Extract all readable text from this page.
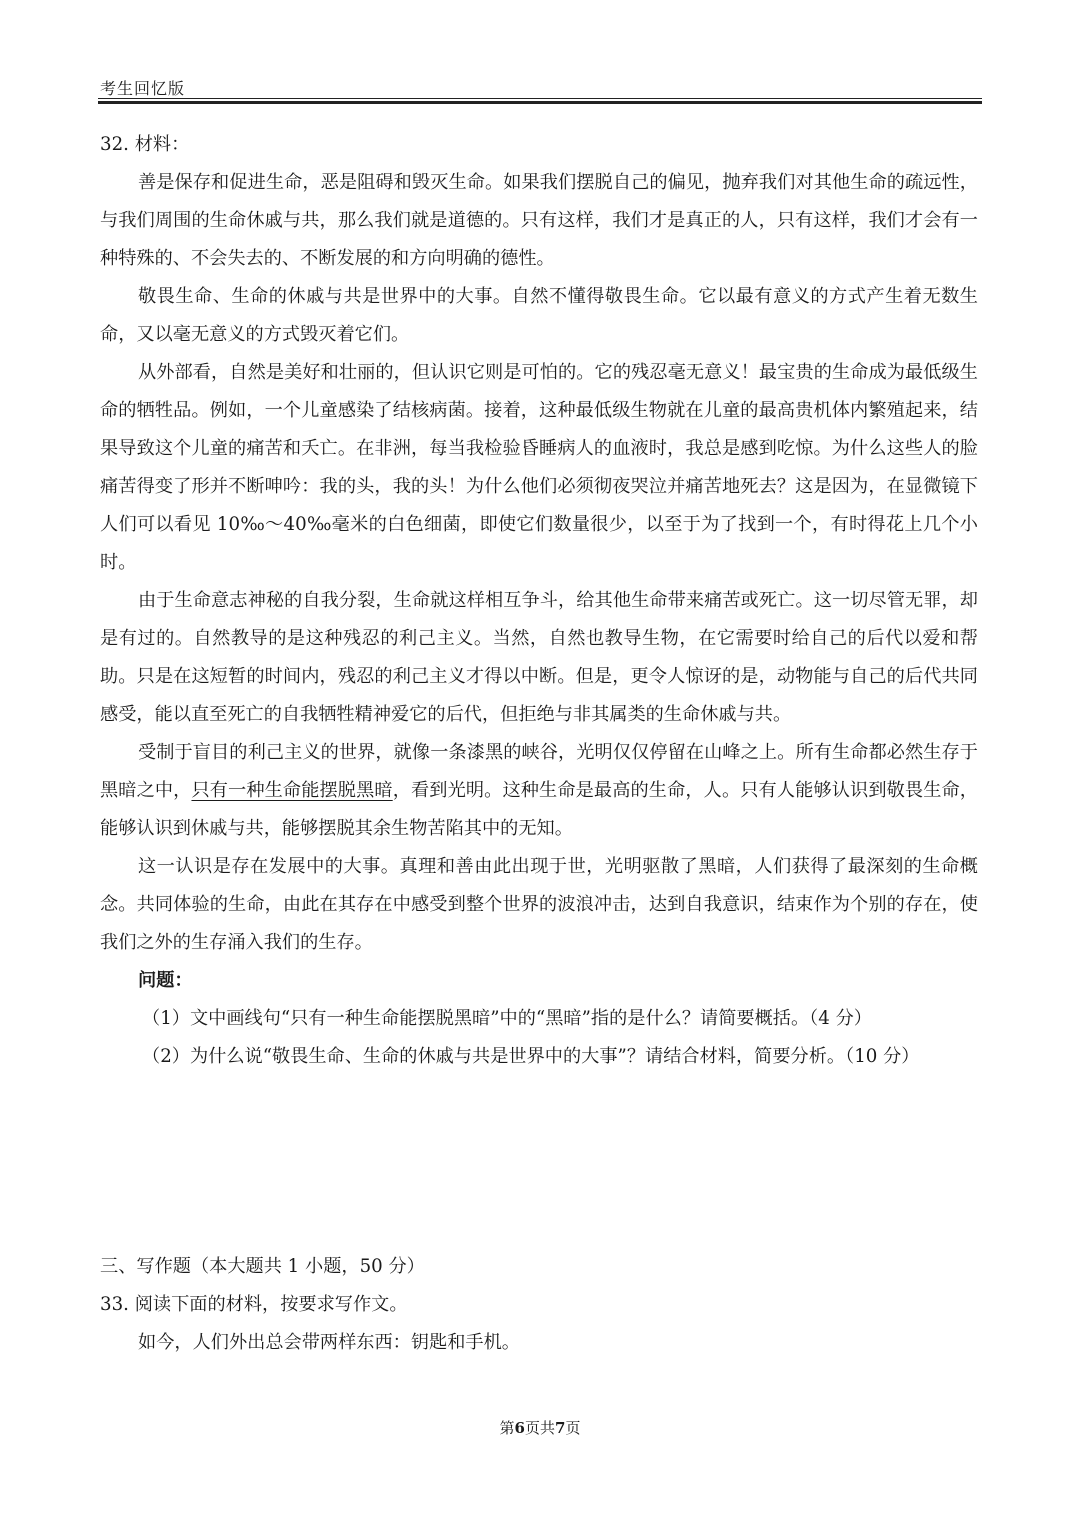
考生回忆版

32. 材料：

善是保存和促进生命，恶是阻碍和毁灭生命。如果我们摆脱自己的偏见，抛弃我们对其他生命的疏远性，与我们周围的生命休戚与共，那么我们就是道德的。只有这样，我们才是真正的人，只有这样，我们才会有一种特殊的、不会失去的、不断发展的和方向明确的德性。

敬畏生命、生命的休戚与共是世界中的大事。自然不懂得敬畏生命。它以最有意义的方式产生着无数生命，又以毫无意义的方式毁灭着它们。

从外部看，自然是美好和壮丽的，但认识它则是可怕的。它的残忍毫无意义！最宝贵的生命成为最低级生命的牺牲品。例如，一个儿童感染了结核病菌。接着，这种最低级生物就在儿童的最高贵机体内繁殖起来，结果导致这个儿童的痛苦和夭亡。在非洲，每当我检验昏睡病人的血液时，我总是感到吃惊。为什么这些人的脸痛苦得变了形并不断呻吟：我的头，我的头！为什么他们必须彻夜哭泣并痛苦地死去？这是因为，在显微镜下人们可以看见 10‰～40‰毫米的白色细菌，即使它们数量很少，以至于为了找到一个，有时得花上几个小时。

由于生命意志神秘的自我分裂，生命就这样相互争斗，给其他生命带来痛苦或死亡。这一切尽管无罪，却是有过的。自然教导的是这种残忍的利己主义。当然，自然也教导生物，在它需要时给自己的后代以爱和帮助。只是在这短暂的时间内，残忍的利己主义才得以中断。但是，更令人惊讶的是，动物能与自己的后代共同感受，能以直至死亡的自我牺牲精神爱它的后代，但拒绝与非其属类的生命休戚与共。

受制于盲目的利己主义的世界，就像一条漆黑的峡谷，光明仅仅停留在山峰之上。所有生命都必然生存于黑暗之中，只有一种生命能摆脱黑暗，看到光明。这种生命是最高的生命，人。只有人能够认识到敬畏生命，能够认识到休戚与共，能够摆脱其余生物苦陷其中的无知。

这一认识是存在发展中的大事。真理和善由此出现于世，光明驱散了黑暗，人们获得了最深刻的生命概念。共同体验的生命，由此在其存在中感受到整个世界的波浪冲击，达到自我意识，结束作为个别的存在，使我们之外的生存涌入我们的生存。

问题：

（1）文中画线句“只有一种生命能摆脱黑暗”中的“黑暗”指的是什么？请简要概括。（4 分）

（2）为什么说“敬畏生命、生命的休戚与共是世界中的大事”？请结合材料，简要分析。（10 分）

三、写作题（本大题共 1 小题，50 分）

33. 阅读下面的材料，按要求写作文。

如今，人们外出总会带两样东西：钥匙和手机。

第6页共7页
